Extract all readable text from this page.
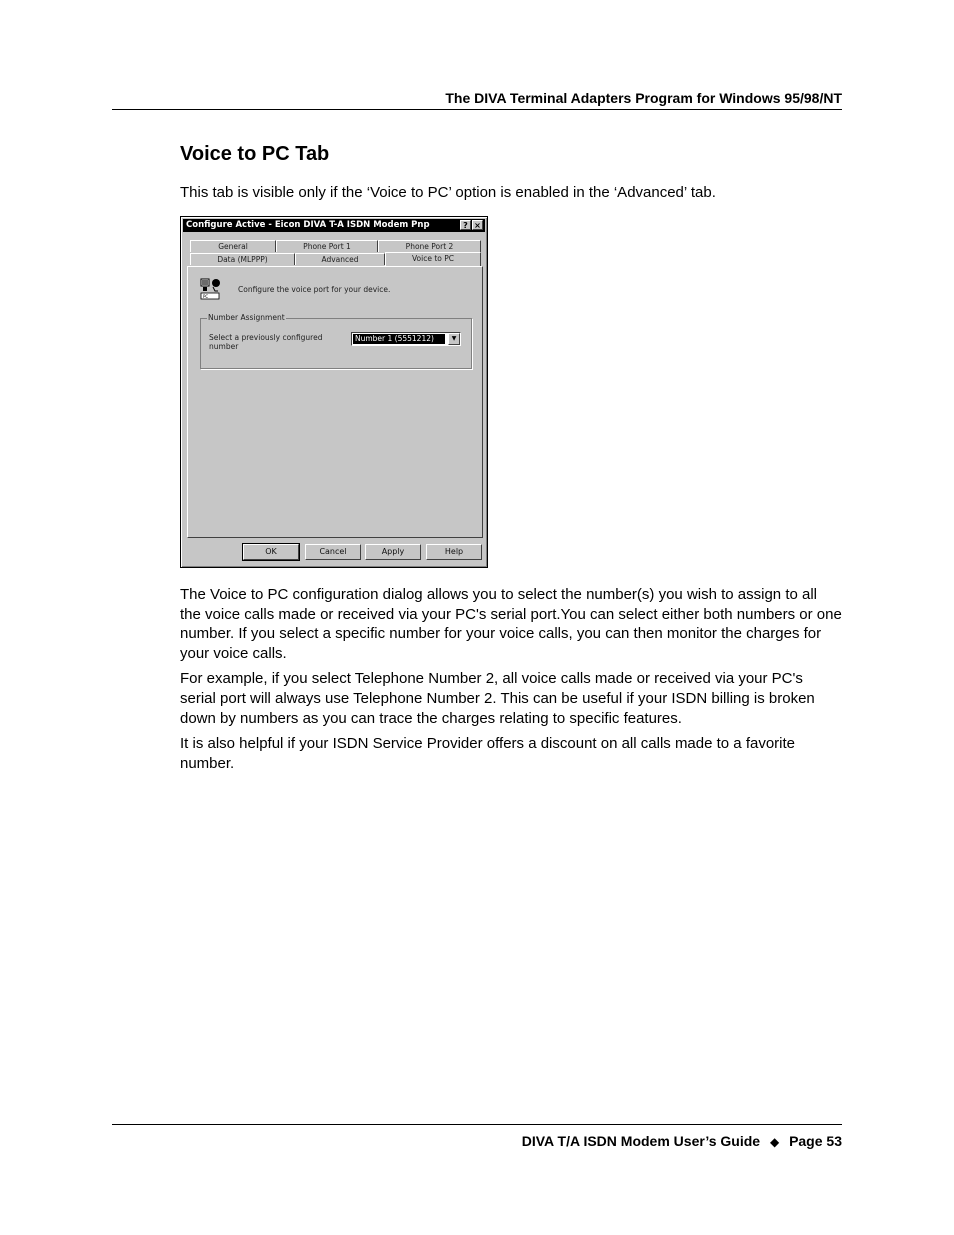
The DIVA Terminal Adapters Program for Windows 95/98/NT
Voice to PC Tab

This tab is visible only if the ‘Voice to PC’ option is enabled in the ‘Advanced’ tab.

Configure Active - Eicon DIVA T-A ISDN Modem Pnp	? ×
General	Phone Port 1	Phone Port 2
Data (MLPPP)	Advanced	Voice to PC
PC
Configure the voice port for your device.
Number Assignment
Select a previously configured number
Number 1 (5551212)	▼
OK	Cancel	Apply	Help

The Voice to PC configuration dialog allows you to select the number(s) you wish to assign to all the voice calls made or received via your PC's serial port.You can select either both numbers or one number. If you select a specific number for your voice calls, you can then monitor the charges for your voice calls.

For example, if you select Telephone Number 2, all voice calls made or received via your PC's serial port will always use Telephone Number 2. This can be useful if your ISDN billing is broken down by numbers as you can trace the charges relating to specific features.

It is also helpful if your ISDN Service Provider offers a discount on all calls made to a favorite number.

DIVA T/A ISDN Modem User’s Guide ◆ Page 53
